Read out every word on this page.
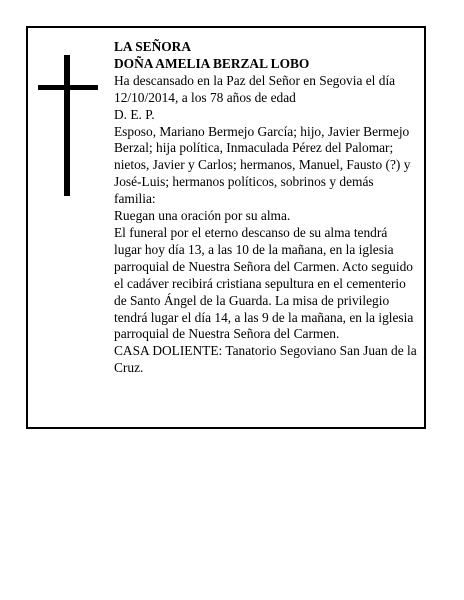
LA SEÑORA

DOÑA AMELIA BERZAL LOBO

Ha descansado en la Paz del Señor en Segovia el día 12/10/2014, a los 78 años de edad

D. E. P.

Esposo, Mariano Bermejo García; hijo, Javier Bermejo Berzal; hija política, Inmaculada Pérez del Palomar; nietos, Javier y Carlos; hermanos, Manuel, Fausto (?) y José-Luis; hermanos políticos, sobrinos y demás familia:

Ruegan una oración por su alma.

El funeral por el eterno descanso de su alma tendrá lugar hoy día 13, a las 10 de la mañana, en la iglesia parroquial de Nuestra Señora del Carmen. Acto seguido el cadáver recibirá cristiana sepultura en el cementerio de Santo Ángel de la Guarda. La misa de privilegio tendrá lugar el día 14, a las 9 de la mañana, en la iglesia parroquial de Nuestra Señora del Carmen.

CASA DOLIENTE: Tanatorio Segoviano San Juan de la Cruz.
